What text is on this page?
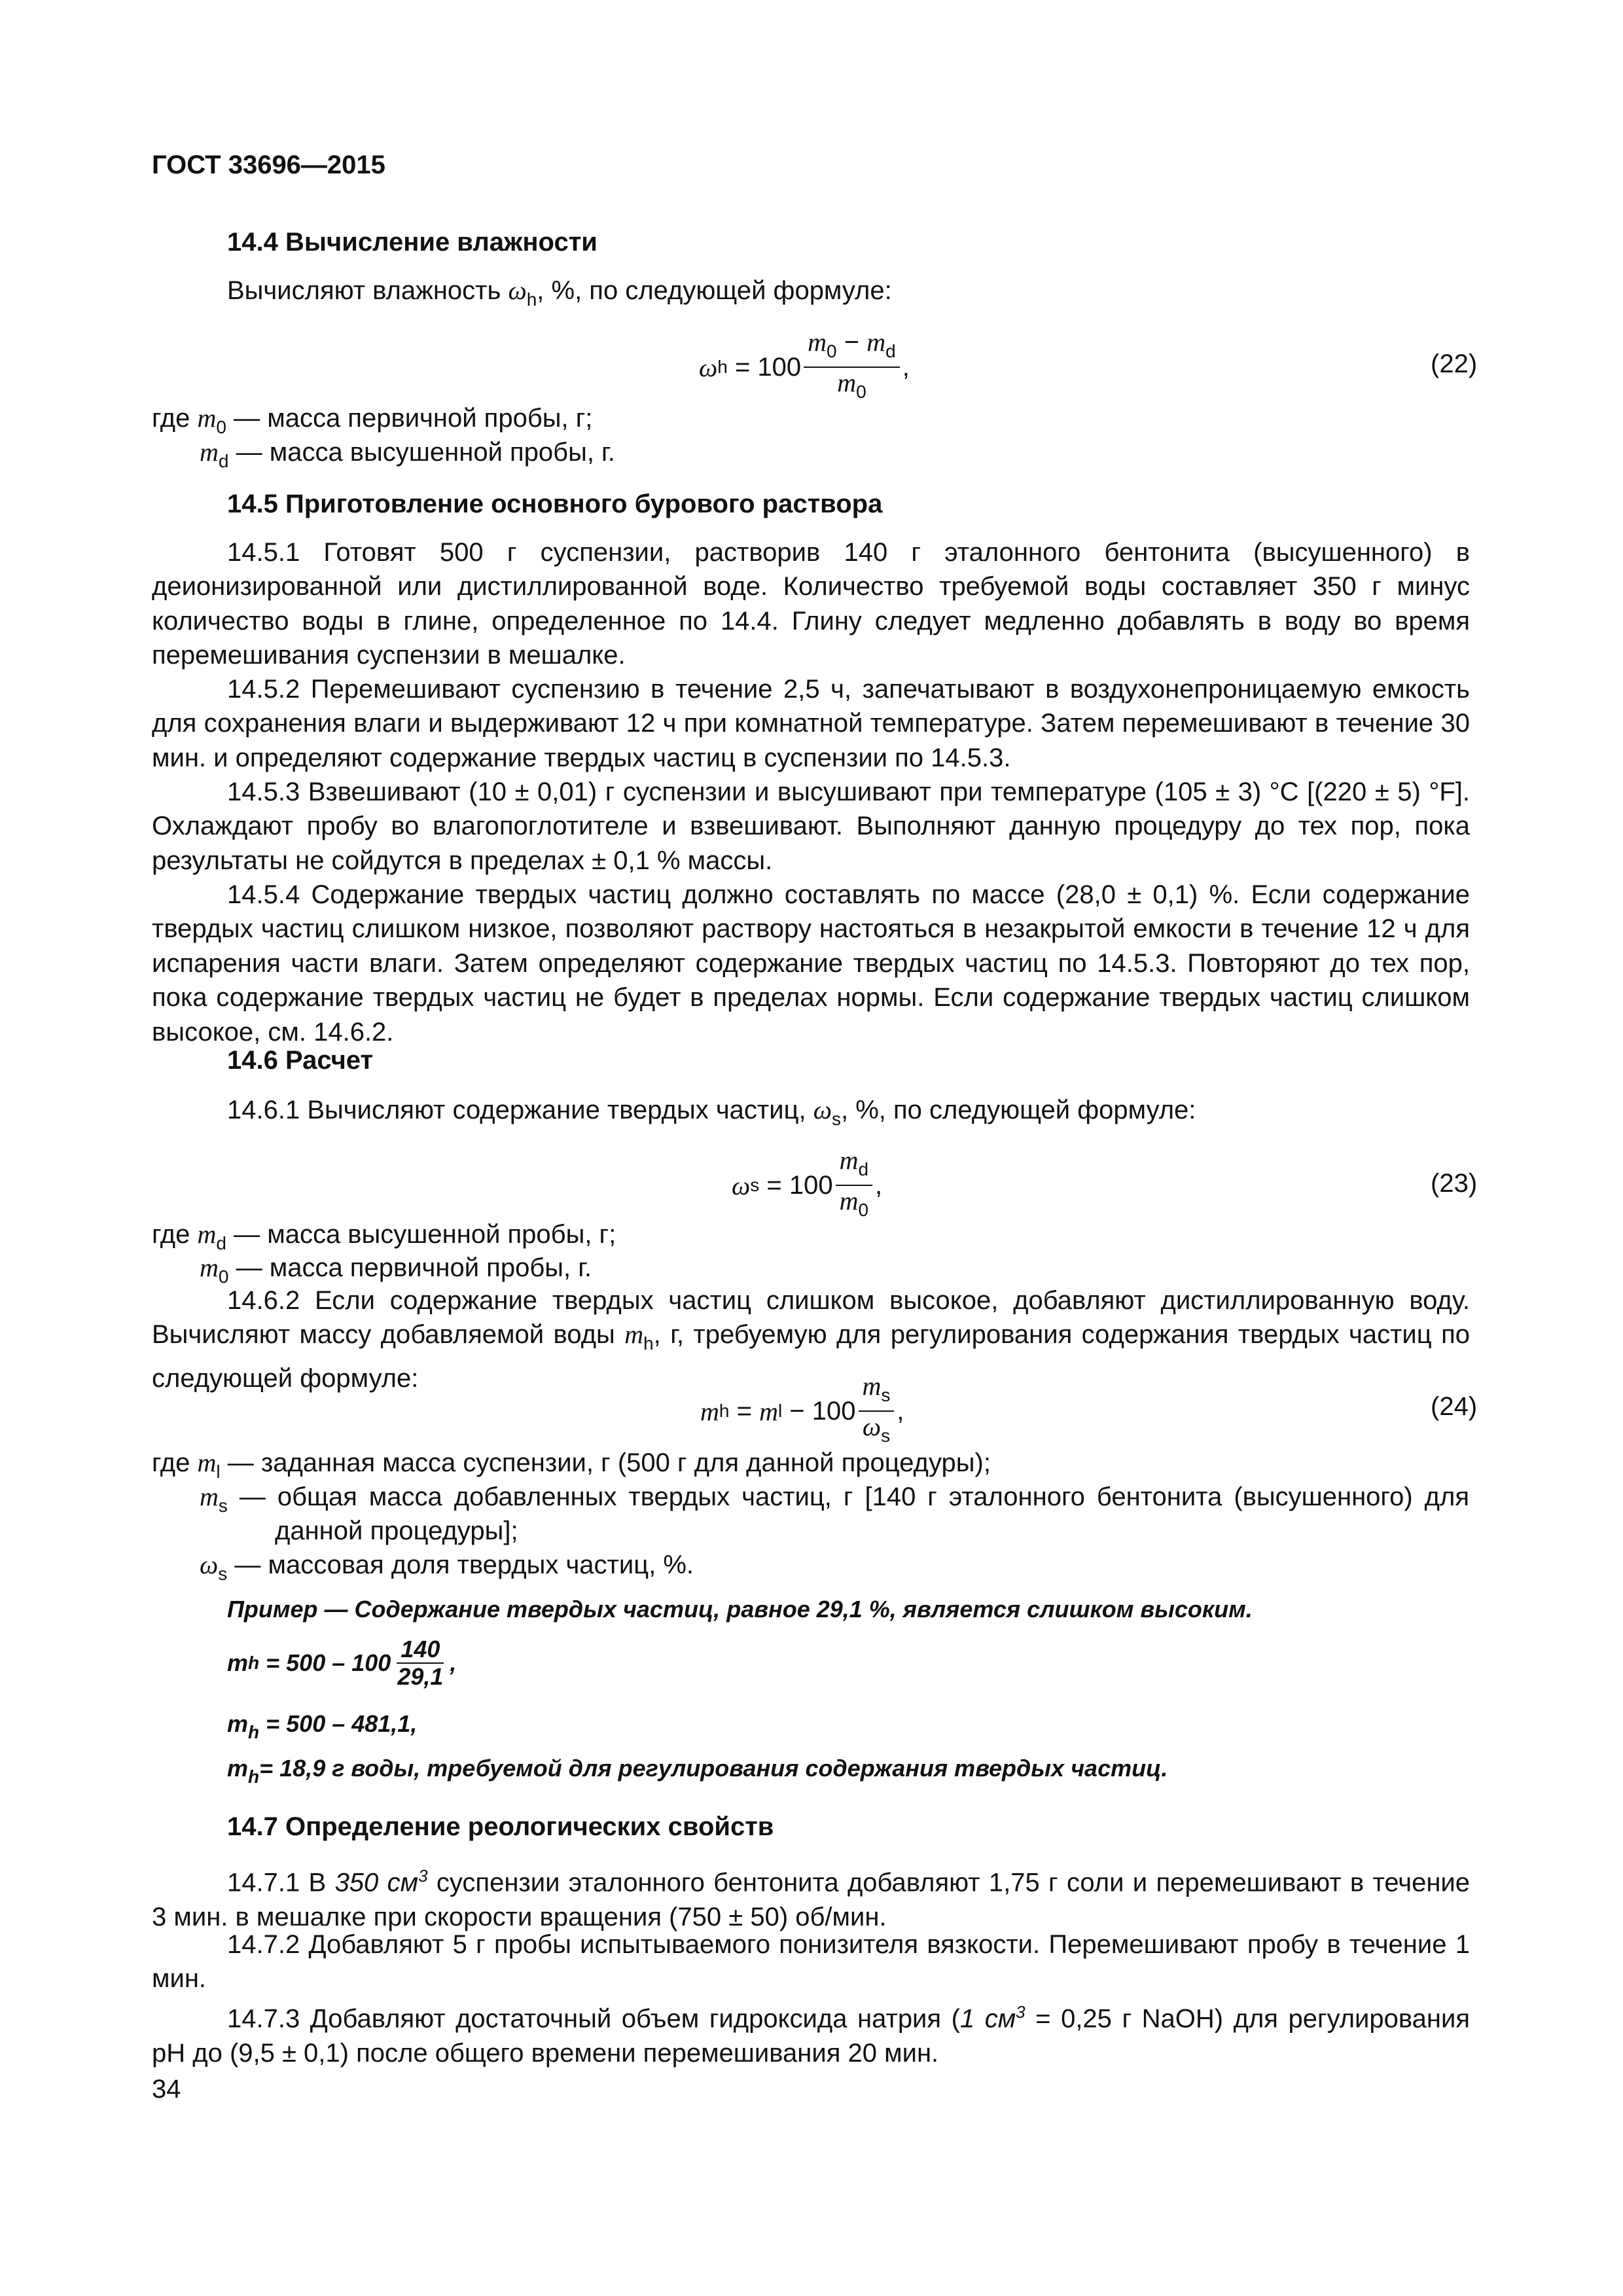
ГОСТ 33696—2015
14.4 Вычисление влажности
Вычисляют влажность $\omega_h$, %, по следующей формуле:
ω $h = 100 \frac{m_0 - m_d}{m_0}$ ,	(22)
где $m_0$ — масса первичной пробы, г;
$m_d$ — масса высушенной пробы, г.
14.5 Приготовление основного бурового раствора
14.5.1 Готовят 500 г суспензии, растворив 140 г эталонного бентонита (высушенного) в деионизированной или дистиллированной воде. Количество требуемой воды составляет 350 г минус количество воды в глине, определенное по 14.4. Глину следует медленно добавлять в воду во время перемешивания суспензии в мешалке.
14.5.2 Перемешивают суспензию в течение 2,5 ч, запечатывают в воздухонепроницаемую емкость для сохранения влаги и выдерживают 12 ч при комнатной температуре. Затем перемешивают в течение 30 мин. и определяют содержание твердых частиц в суспензии по 14.5.3.
14.5.3 Взвешивают (10 ± 0,01) г суспензии и высушивают при температуре (105 ± 3) °C [(220 ± 5) °F]. Охлаждают пробу во влагопоглотителе и взвешивают. Выполняют данную процедуру до тех пор, пока результаты не сойдутся в пределах ± 0,1 % массы.
14.5.4 Содержание твердых частиц должно составлять по массе (28,0 ± 0,1) %. Если содержание твердых частиц слишком низкое, позволяют раствору настояться в незакрытой емкости в течение 12 ч для испарения части влаги. Затем определяют содержание твердых частиц по 14.5.3. Повторяют до тех пор, пока содержание твердых частиц не будет в пределах нормы. Если содержание твердых частиц слишком высокое, см. 14.6.2.
14.6 Расчет
14.6.1 Вычисляют содержание твердых частиц, $\omega_s$, %, по следующей формуле:
ω $s = 100 \frac{m_d}{m_0}$ ,	(23)
где $m_d$ — масса высушенной пробы, г;
$m_0$ — масса первичной пробы, г.
14.6.2 Если содержание твердых частиц слишком высокое, добавляют дистиллированную воду. Вычисляют массу добавляемой воды $m_h$, г, требуемую для регулирования содержания твердых частиц по следующей формуле:
m h = m $l - 100 \frac{m_s}{\omega_s}$ ,	(24)
где $m_l$ — заданная масса суспензии, г (500 г для данной процедуры);
$m_s$ — общая масса добавленных твердых частиц, г [140 г эталонного бентонита (высушенного) для
данной процедуры];
$\omega_s$ — массовая доля твердых частиц, %.
Пример — Содержание твердых частиц, равное 29,1 %, является слишком высоким.
m $h = 500 - 100 \frac{140}{29,1}$ ,
$m_h = 500 - 481,1$,
$m_h= 18,9$ г воды, требуемой для регулирования содержания твердых частиц.
14.7 Определение реологических свойств
14.7.1 В 350 $см^3$ суспензии эталонного бентонита добавляют 1,75 г соли и перемешивают в течение 3 мин. в мешалке при скорости вращения (750 ± 50) об/мин.
14.7.2 Добавляют 5 г пробы испытываемого понизителя вязкости. Перемешивают пробу в течение 1 мин.
14.7.3 Добавляют достаточный объем гидроксида натрия (1 $см^3 = 0,25$ г NaOH) для регулирования pH до (9,5 ± 0,1) после общего времени перемешивания 20 мин.
34
